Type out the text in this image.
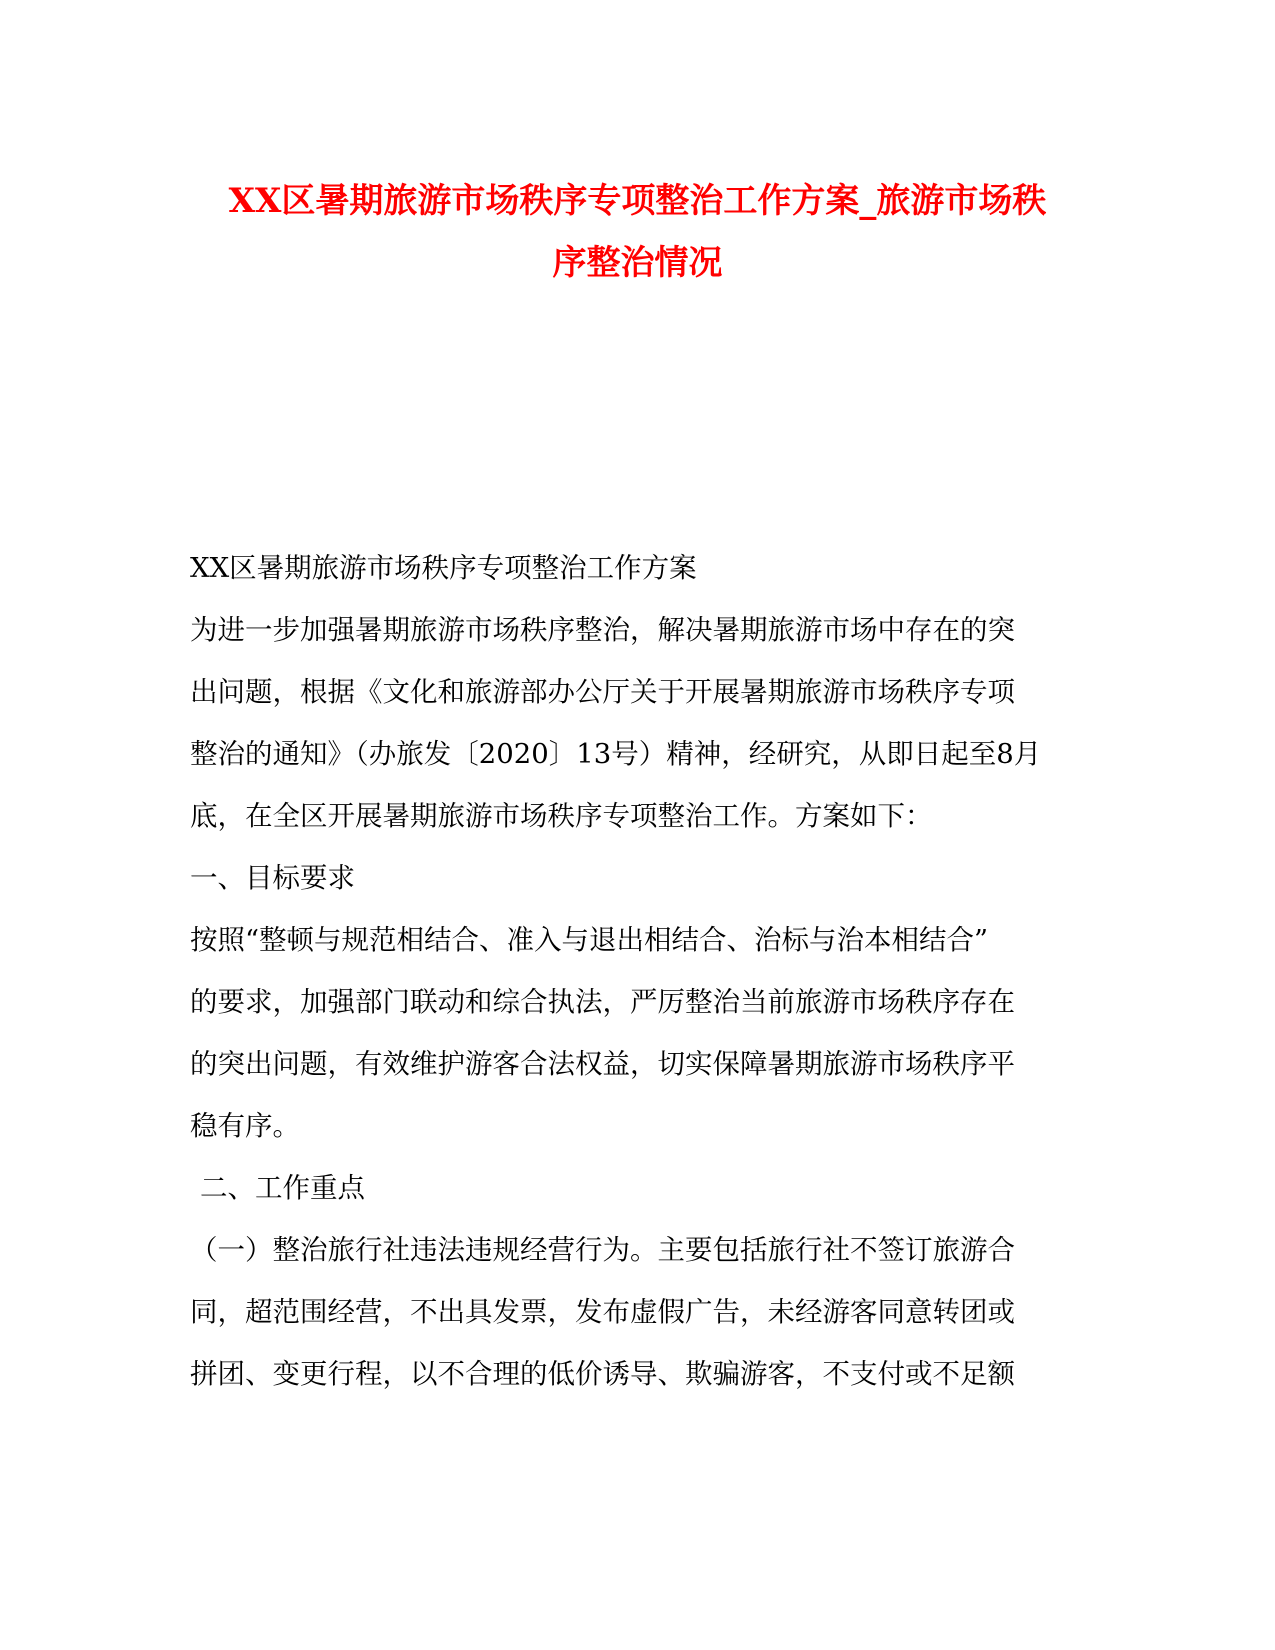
XX区暑期旅游市场秩序专项整治工作方案_旅游市场秩
序整治情况
XX区暑期旅游市场秩序专项整治工作方案
为进一步加强暑期旅游市场秩序整治，解决暑期旅游市场中存在的突
出问题，根据《文化和旅游部办公厅关于开展暑期旅游市场秩序专项
整治的通知》（办旅发〔2020〕13号）精神，经研究，从即日起至8月
底，在全区开展暑期旅游市场秩序专项整治工作。方案如下：
一、目标要求
按照“整顿与规范相结合、准入与退出相结合、治标与治本相结合”
的要求，加强部门联动和综合执法，严厉整治当前旅游市场秩序存在
的突出问题，有效维护游客合法权益，切实保障暑期旅游市场秩序平
稳有序。
二、工作重点
（一）整治旅行社违法违规经营行为。主要包括旅行社不签订旅游合
同，超范围经营，不出具发票，发布虚假广告，未经游客同意转团或
拼团、变更行程，以不合理的低价诱导、欺骗游客，不支付或不足额
